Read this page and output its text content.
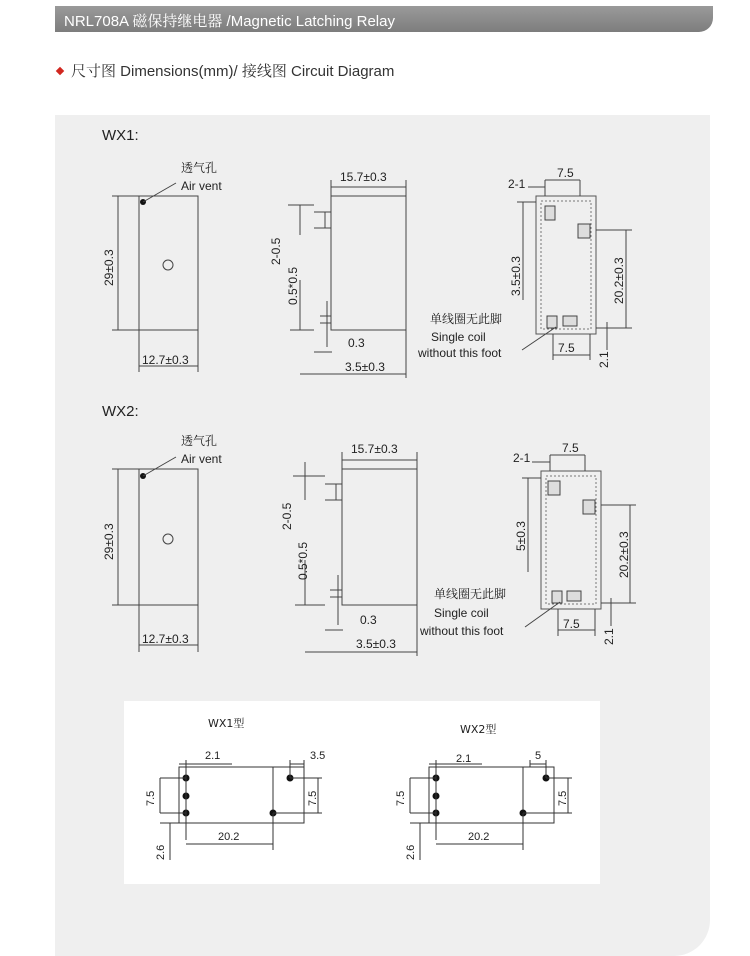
NRL708A 磁保持继电器 /Magnetic Latching Relay
尺寸图 Dimensions(mm)/ 接线图 Circuit Diagram
WX1:
透气孔
Air vent
29±0.3
12.7±0.3
15.7±0.3
2-0.5
0.5*0.5
0.3
3.5±0.3
2-1
7.5
3.5±0.3	20.2±0.3
7.5
2.1
单线圈无此脚
Single coil
without this foot
WX2:
透气孔
Air vent
29±0.3
12.7±0.3
15.7±0.3
2-0.5
0.5*0.5
0.3
3.5±0.3
2-1
7.5
5±0.3	20.2±0.3
7.5
2.1
单线圈无此脚
Single coil
without this foot
WX1型
2.1	3.5
7.5	7.5
20.2
2.6
WX2型
2.1	5
7.5	7.5
20.2
2.6
